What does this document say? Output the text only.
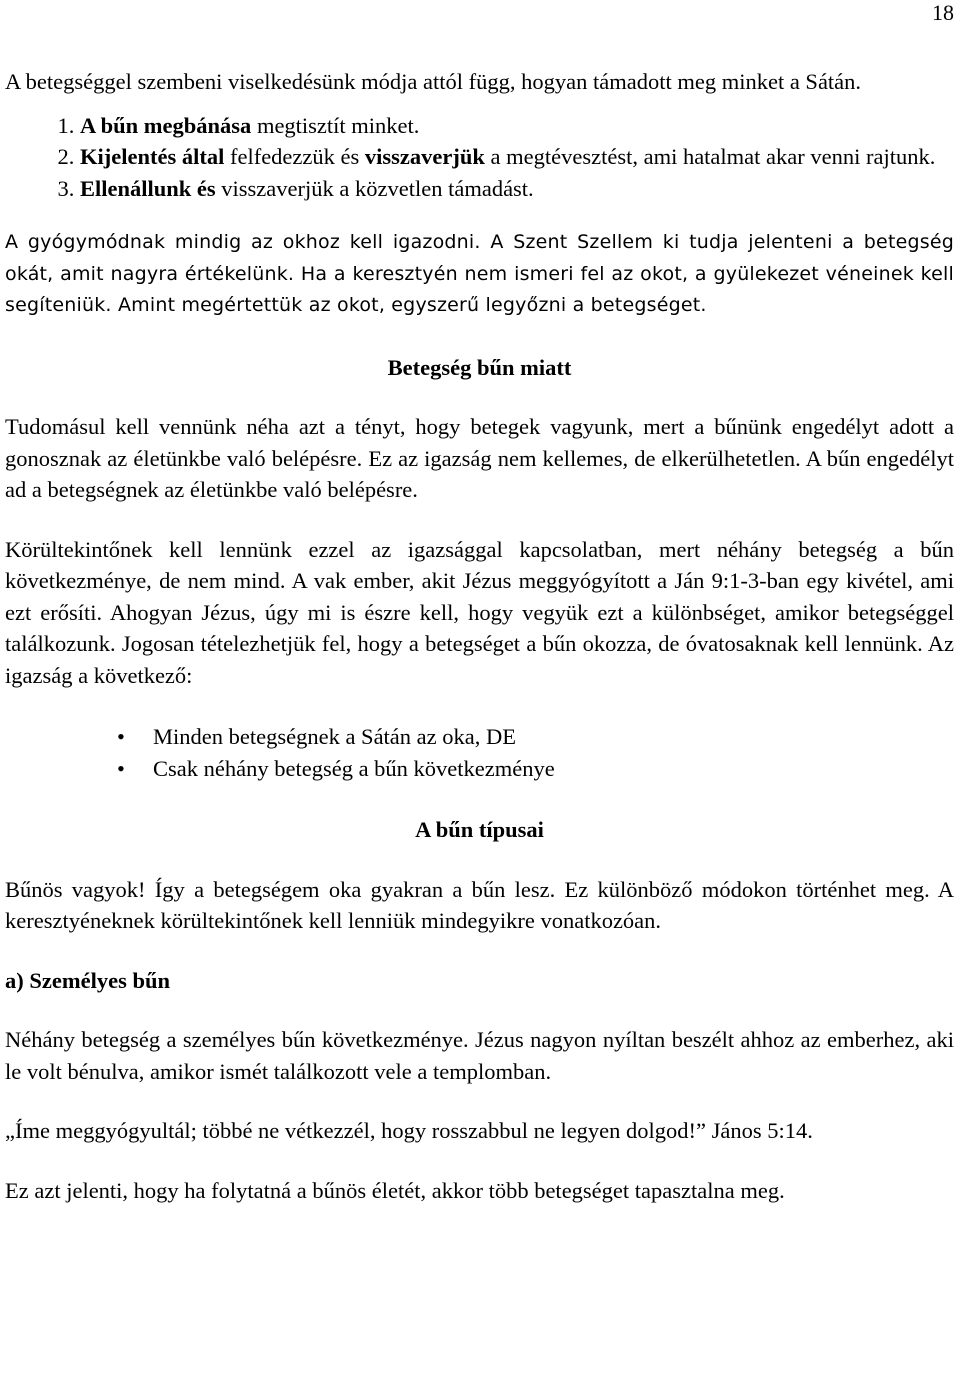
18

A betegséggel szembeni viselkedésünk módja attól függ, hogyan támadott meg minket a Sátán.

1. A bűn megbánása megtisztít minket.
2. Kijelentés által felfedezzük és visszaverjük a megtévesztést, ami hatalmat akar venni rajtunk.
3. Ellenállunk és visszaverjük a közvetlen támadást.

A gyógymódnak mindig az okhoz kell igazodni. A Szent Szellem ki tudja jelenteni a betegség okát, amit nagyra értékelünk. Ha a keresztyén nem ismeri fel az okot, a gyülekezet véneinek kell segíteniük. Amint megértettük az okot, egyszerű legyőzni a betegséget.

Betegség bűn miatt

Tudomásul kell vennünk néha azt a tényt, hogy betegek vagyunk, mert a bűnünk engedélyt adott a gonosznak az életünkbe való belépésre. Ez az igazság nem kellemes, de elkerülhetetlen. A bűn engedélyt ad a betegségnek az életünkbe való belépésre.

Körültekintőnek kell lennünk ezzel az igazsággal kapcsolatban, mert néhány betegség a bűn következménye, de nem mind. A vak ember, akit Jézus meggyógyított a Ján 9:1-3-ban egy kivétel, ami ezt erősíti. Ahogyan Jézus, úgy mi is észre kell, hogy vegyük ezt a különbséget, amikor betegséggel találkozunk. Jogosan tételezhetjük fel, hogy a betegséget a bűn okozza, de óvatosaknak kell lennünk. Az igazság a következő:

• Minden betegségnek a Sátán az oka, DE
• Csak néhány betegség a bűn következménye
A bűn típusai

Bűnös vagyok! Így a betegségem oka gyakran a bűn lesz. Ez különböző módokon történhet meg. A keresztyéneknek körültekintőnek kell lenniük mindegyikre vonatkozóan.

a) Személyes bűn

Néhány betegség a személyes bűn következménye. Jézus nagyon nyíltan beszélt ahhoz az emberhez, aki le volt bénulva, amikor ismét találkozott vele a templomban.

„Íme meggyógyultál; többé ne vétkezzél, hogy rosszabbul ne legyen dolgod!” János 5:14.

Ez azt jelenti, hogy ha folytatná a bűnös életét, akkor több betegséget tapasztalna meg.
